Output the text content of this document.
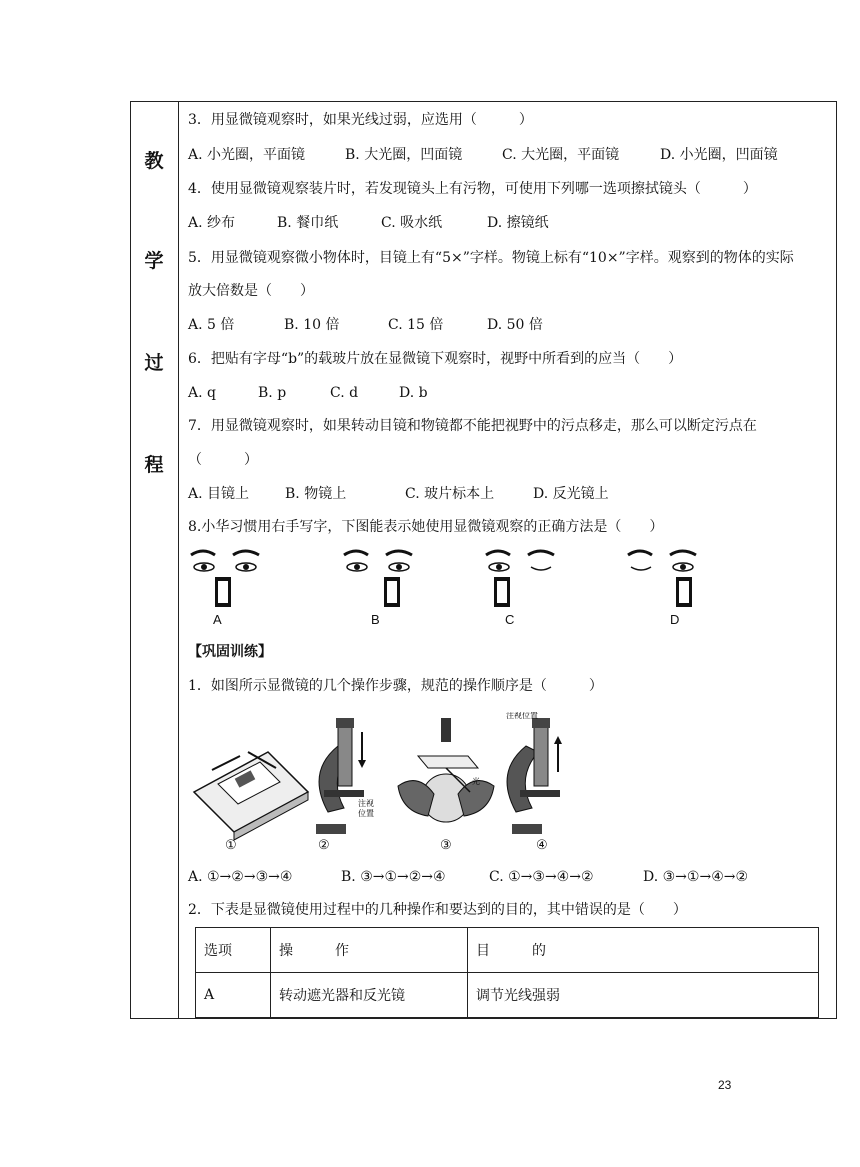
教
学
过
程
3．用显微镜观察时，如果光线过弱，应选用（　　　）
A. 小光圈，平面镜	B. 大光圈，凹面镜	C. 大光圈，平面镜	D. 小光圈，凹面镜
4．使用显微镜观察装片时，若发现镜头上有污物，可使用下列哪一选项擦拭镜头（　　　）
A. 纱布	B. 餐巾纸	C. 吸水纸	D. 擦镜纸
5．用显微镜观察微小物体时，目镜上有“5×”字样。物镜上标有“10×”字样。观察到的物体的实际
放大倍数是（　　）
A. 5 倍	B. 10 倍	C. 15 倍	D. 50 倍
6．把贴有字母“b”的载玻片放在显微镜下观察时，视野中所看到的应当（　　）
A. q	B. p	C. d	D. b
7．用显微镜观察时，如果转动目镜和物镜都不能把视野中的污点移走，那么可以断定污点在
（　　　）
A. 目镜上	B. 物镜上	C. 玻片标本上	D. 反光镜上
8.小华习惯用右手写字，下图能表示她使用显微镜观察的正确方法是（　　）
A	B	C	D
【巩固训练】
1．如图所示显微镜的几个操作步骤，规范的操作顺序是（　　　）
注视
位置
光
注视位置
①	②	③	④
A. ①→②→③→④	B. ③→①→②→④	C. ①→③→④→②	D. ③→①→④→②
2．下表是显微镜使用过程中的几种操作和要达到的目的，其中错误的是（　　）
选项	操　　　作	目　　　的
A	转动遮光器和反光镜	调节光线强弱
23
